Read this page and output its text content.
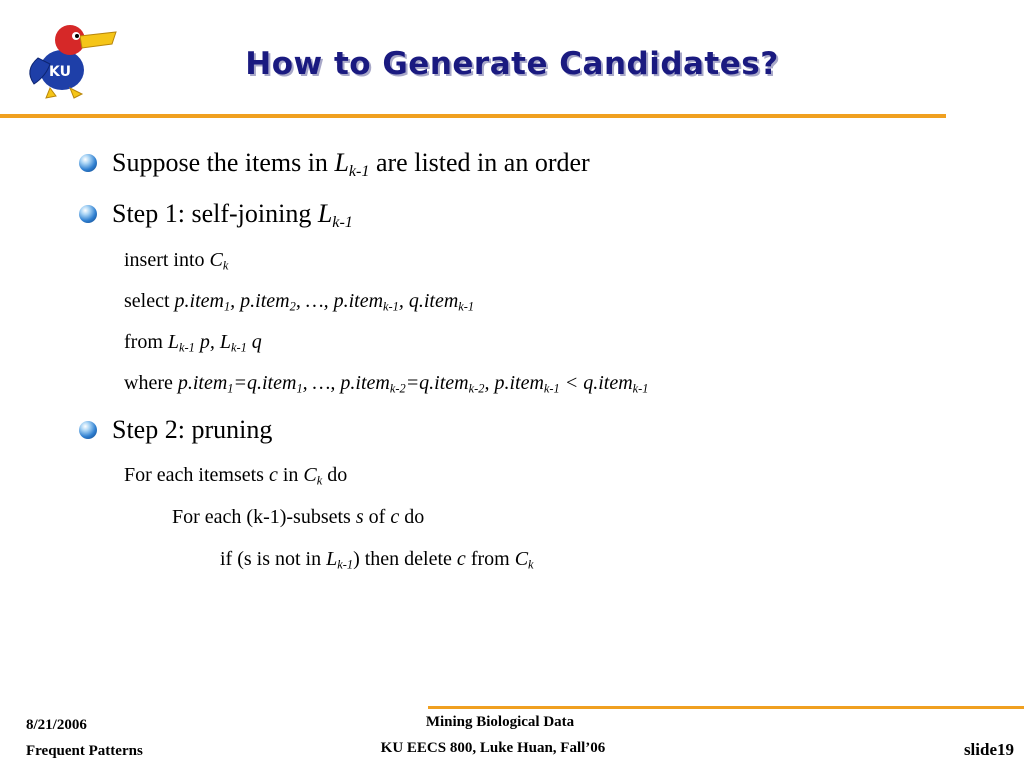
KU	How to Generate Candidates?
Suppose the items in $L_{k-1}$ are listed in an order
Step 1: self-joining $L_{k-1}$
insert into $C_k$
select p.item$_1$, p.item$_2$, …, p.item$_{k-1}$, q.item$_{k-1}$
from $L_{k-1}$ p, $L_{k-1}$ q
where p.item$_1$=q.item$_1$, …, p.item$_{k-2}$=q.item$_{k-2}$, p.item$_{k-1}$ < q.item$_{k-1}$
Step 2: pruning
For each itemsets c in $C_k$ do
For each (k-1)-subsets s of c do
if (s is not in $L_{k-1}$) then delete c from $C_k$
8/21/2006
Frequent Patterns
Mining Biological Data
KU EECS 800, Luke Huan, Fall’06	slide19
